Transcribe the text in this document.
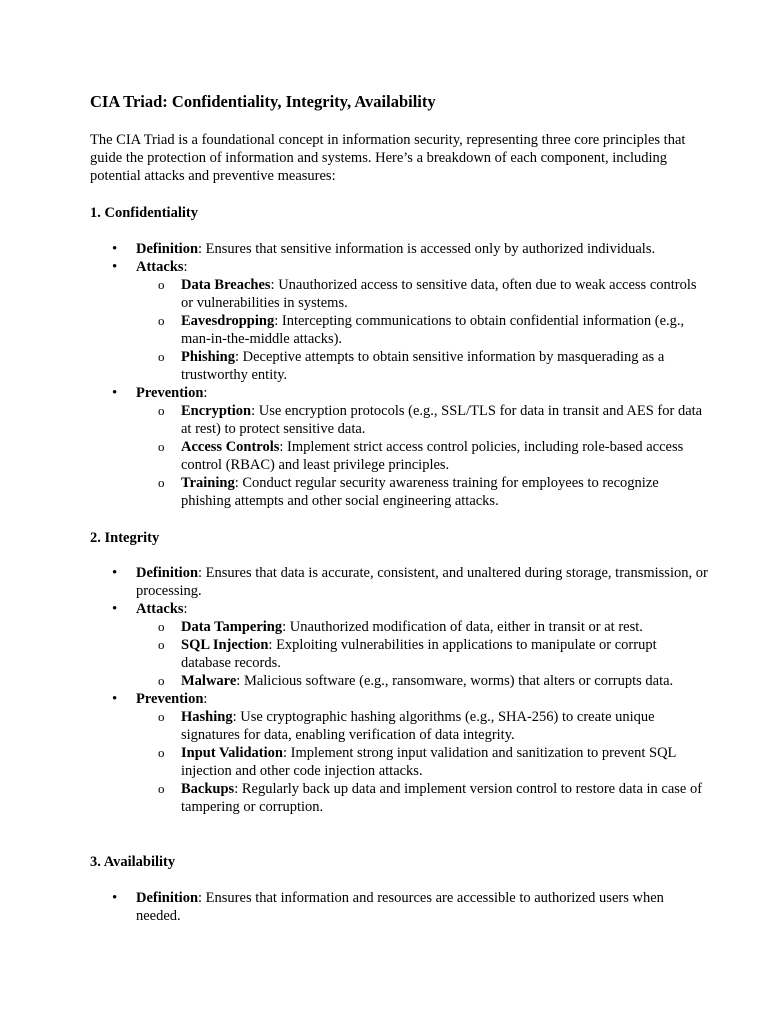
CIA Triad: Confidentiality, Integrity, Availability

The CIA Triad is a foundational concept in information security, representing three core principles that guide the protection of information and systems. Here’s a breakdown of each component, including potential attacks and preventive measures:

1. Confidentiality

•
Definition: Ensures that sensitive information is accessed only by authorized individuals.
•
Attacks:
o
Data Breaches: Unauthorized access to sensitive data, often due to weak access controls or vulnerabilities in systems.
o
Eavesdropping: Intercepting communications to obtain confidential information (e.g., man-in-the-middle attacks).
o
Phishing: Deceptive attempts to obtain sensitive information by masquerading as a trustworthy entity.
•
Prevention:
o
Encryption: Use encryption protocols (e.g., SSL/TLS for data in transit and AES for data at rest) to protect sensitive data.
o
Access Controls: Implement strict access control policies, including role-based access control (RBAC) and least privilege principles.
o
Training: Conduct regular security awareness training for employees to recognize phishing attempts and other social engineering attacks.

2. Integrity

•
Definition: Ensures that data is accurate, consistent, and unaltered during storage, transmission, or processing.
•
Attacks:
o
Data Tampering: Unauthorized modification of data, either in transit or at rest.
o
SQL Injection: Exploiting vulnerabilities in applications to manipulate or corrupt database records.
o
Malware: Malicious software (e.g., ransomware, worms) that alters or corrupts data.
•
Prevention:
o
Hashing: Use cryptographic hashing algorithms (e.g., SHA-256) to create unique signatures for data, enabling verification of data integrity.
o
Input Validation: Implement strong input validation and sanitization to prevent SQL injection and other code injection attacks.
o
Backups: Regularly back up data and implement version control to restore data in case of tampering or corruption.

3. Availability

•
Definition: Ensures that information and resources are accessible to authorized users when needed.
